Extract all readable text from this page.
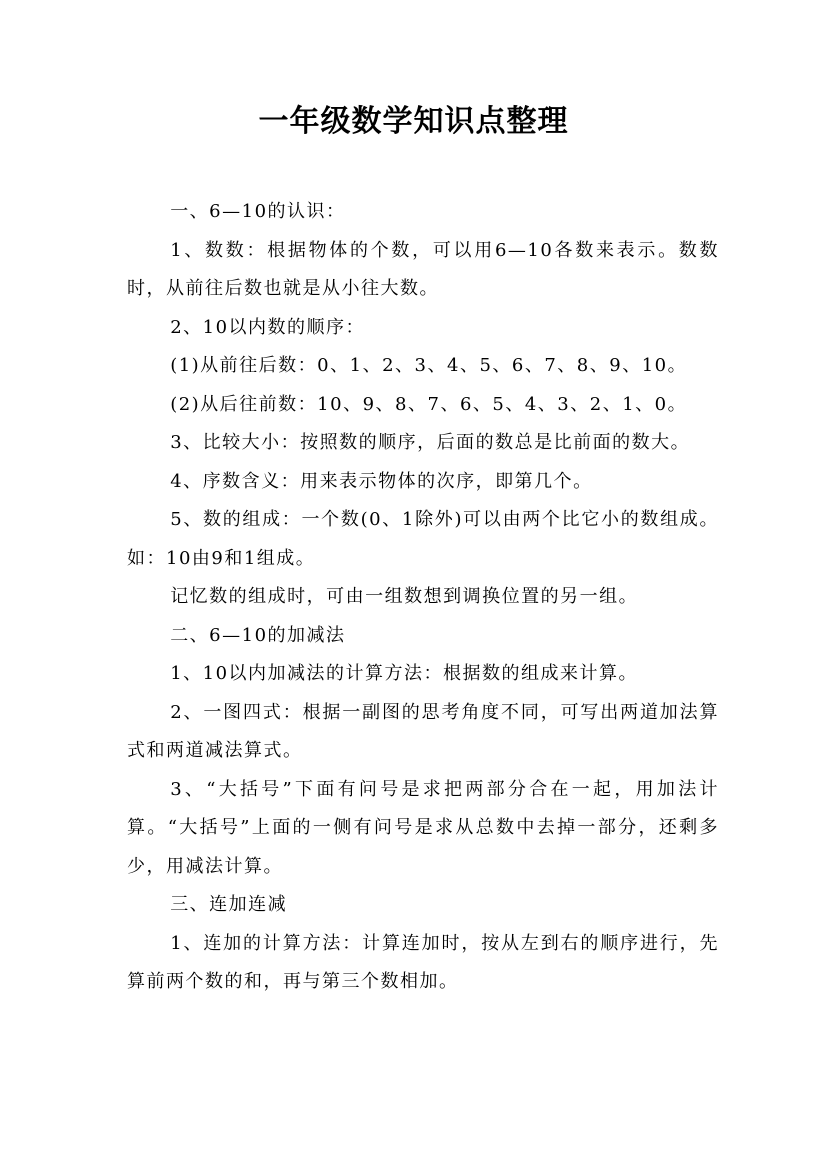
一年级数学知识点整理

一、6—10的认识：

1、数数：根据物体的个数，可以用6—10各数来表示。数数时，从前往后数也就是从小往大数。

2、10以内数的顺序：

(1)从前往后数：0、1、2、3、4、5、6、7、8、9、10。

(2)从后往前数：10、9、8、7、6、5、4、3、2、1、0。

3、比较大小：按照数的顺序，后面的数总是比前面的数大。

4、序数含义：用来表示物体的次序，即第几个。

5、数的组成：一个数(0、1除外)可以由两个比它小的数组成。如：10由9和1组成。

记忆数的组成时，可由一组数想到调换位置的另一组。

二、6—10的加减法

1、10以内加减法的计算方法：根据数的组成来计算。

2、一图四式：根据一副图的思考角度不同，可写出两道加法算式和两道减法算式。

3、“大括号”下面有问号是求把两部分合在一起，用加法计算。“大括号”上面的一侧有问号是求从总数中去掉一部分，还剩多少，用减法计算。

三、连加连减

1、连加的计算方法：计算连加时，按从左到右的顺序进行，先算前两个数的和，再与第三个数相加。
